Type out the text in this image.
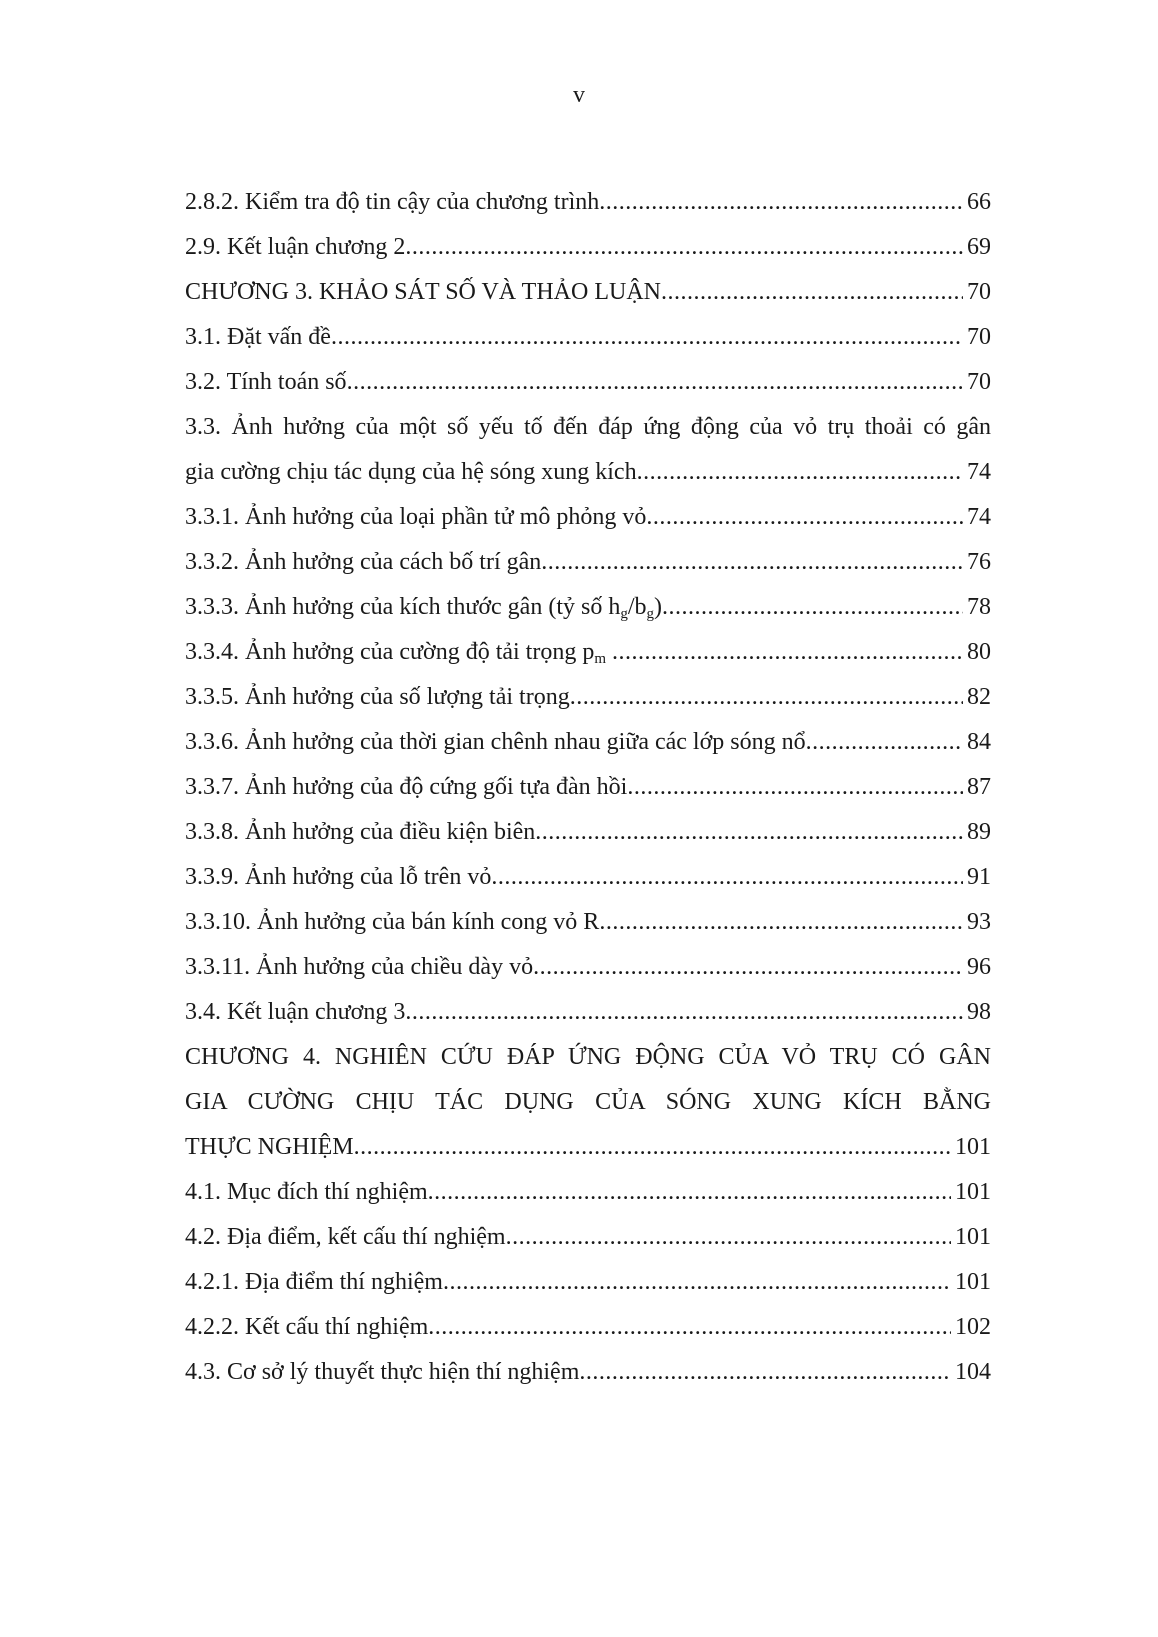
v
2.8.2. Kiểm tra độ tin cậy của chương trình .....	66
2.9. Kết luận chương 2 .....	69
CHƯƠNG 3. KHẢO SÁT SỐ VÀ THẢO LUẬN .....	70
3.1. Đặt vấn đề .....	70
3.2. Tính toán số .....	70
3.3. Ảnh hưởng của một số yếu tố đến đáp ứng động của vỏ trụ thoải có gân
gia cường chịu tác dụng của hệ sóng xung kích .....	74
3.3.1. Ảnh hưởng của loại phần tử mô phỏng vỏ .....	74
3.3.2. Ảnh hưởng của cách bố trí gân .....	76
3.3.3. Ảnh hưởng của kích thước gân (tỷ số $h_g/b_g$) .....	78
3.3.4. Ảnh hưởng của cường độ tải trọng $p_m$ .....	80
3.3.5. Ảnh hưởng của số lượng tải trọng .....	82
3.3.6. Ảnh hưởng của thời gian chênh nhau giữa các lớp sóng nổ .....	84
3.3.7. Ảnh hưởng của độ cứng gối tựa đàn hồi .....	87
3.3.8. Ảnh hưởng của điều kiện biên .....	89
3.3.9. Ảnh hưởng của lỗ trên vỏ .....	91
3.3.10. Ảnh hưởng của bán kính cong vỏ R .....	93
3.3.11. Ảnh hưởng của chiều dày vỏ .....	96
3.4. Kết luận chương 3 .....	98
CHƯƠNG 4. NGHIÊN CỨU ĐÁP ỨNG ĐỘNG CỦA VỎ TRỤ CÓ GÂN
GIA CƯỜNG CHỊU TÁC DỤNG CỦA SÓNG XUNG KÍCH BẰNG
THỰC NGHIỆM .....	101
4.1. Mục đích thí nghiệm .....	101
4.2. Địa điểm, kết cấu thí nghiệm .....	101
4.2.1. Địa điểm thí nghiệm .....	101
4.2.2. Kết cấu thí nghiệm .....	102
4.3. Cơ sở lý thuyết thực hiện thí nghiệm .....	104
